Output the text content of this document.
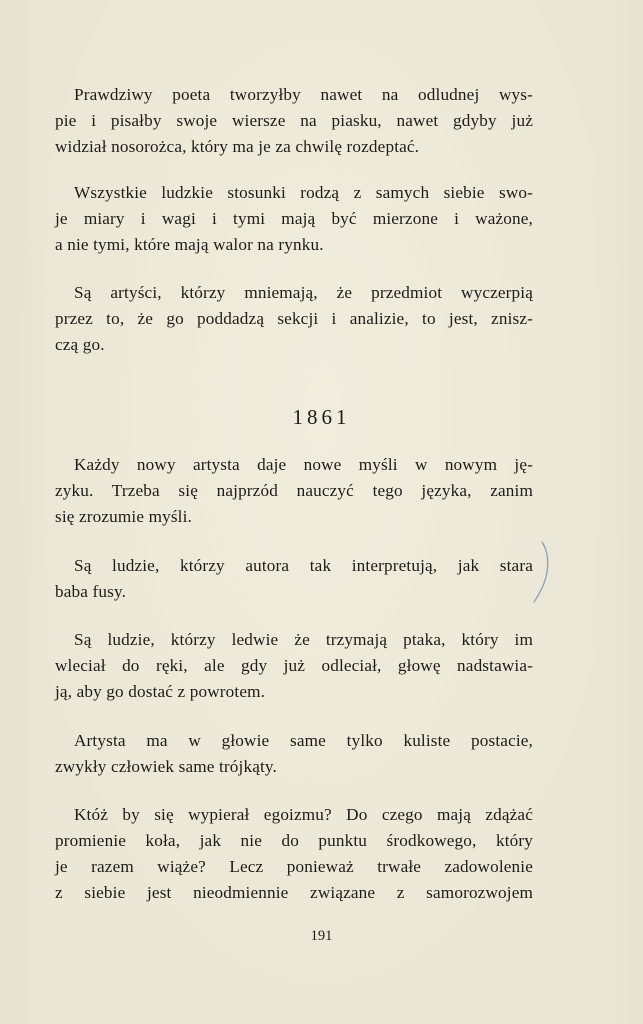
Prawdziwy poeta tworzyłby nawet na odludnej wys-
pie i pisałby swoje wiersze na piasku, nawet gdyby już
widział nosorożca, który ma je za chwilę rozdeptać.
Wszystkie ludzkie stosunki rodzą z samych siebie swo-
je miary i wagi i tymi mają być mierzone i ważone,
a nie tymi, które mają walor na rynku.
Są artyści, którzy mniemają, że przedmiot wyczerpią
przez to, że go poddadzą sekcji i analizie, to jest, znisz-
czą go.
1861
Każdy nowy artysta daje nowe myśli w nowym ję-
zyku. Trzeba się najprzód nauczyć tego języka, zanim
się zrozumie myśli.
Są ludzie, którzy autora tak interpretują, jak stara
baba fusy.
Są ludzie, którzy ledwie że trzymają ptaka, który im
wleciał do ręki, ale gdy już odleciał, głowę nadstawia-
ją, aby go dostać z powrotem.
Artysta ma w głowie same tylko kuliste postacie,
zwykły człowiek same trójkąty.
Któż by się wypierał egoizmu? Do czego mają zdążać
promienie koła, jak nie do punktu środkowego, który
je razem wiąże? Lecz ponieważ trwałe zadowolenie
z siebie jest nieodmiennie związane z samorozwojem
191
